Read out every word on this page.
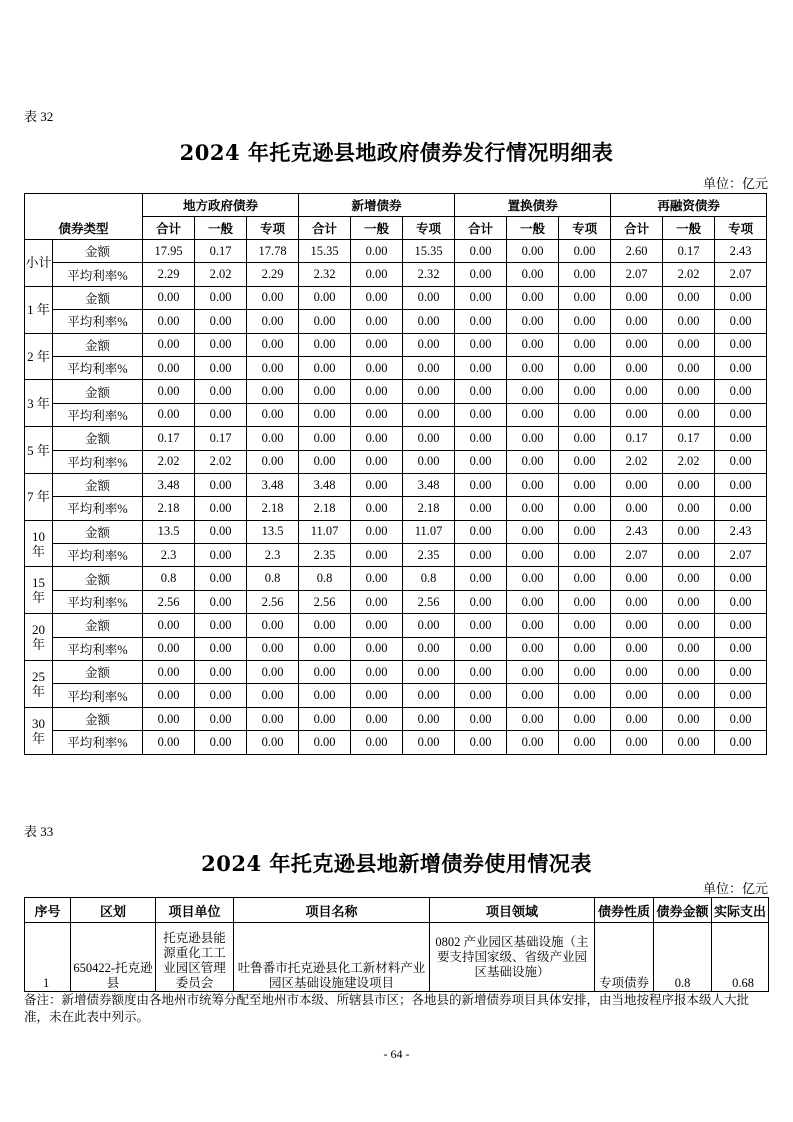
表 32
2024 年托克逊县地政府债券发行情况明细表
单位：亿元
债券类型		地方政府债券			新增债券			置换债券			再融资债券		
		合计	一般	专项	合计	一般	专项	合计	一般	专项	合计	一般	专项
小计	金额	17.95	0.17	17.78	15.35	0.00	15.35	0.00	0.00	0.00	2.60	0.17	2.43
	平均利率%	2.29	2.02	2.29	2.32	0.00	2.32	0.00	0.00	0.00	2.07	2.02	2.07
1 年	金额	0.00	0.00	0.00	0.00	0.00	0.00	0.00	0.00	0.00	0.00	0.00	0.00
	平均利率%	0.00	0.00	0.00	0.00	0.00	0.00	0.00	0.00	0.00	0.00	0.00	0.00
2 年	金额	0.00	0.00	0.00	0.00	0.00	0.00	0.00	0.00	0.00	0.00	0.00	0.00
	平均利率%	0.00	0.00	0.00	0.00	0.00	0.00	0.00	0.00	0.00	0.00	0.00	0.00
3 年	金额	0.00	0.00	0.00	0.00	0.00	0.00	0.00	0.00	0.00	0.00	0.00	0.00
	平均利率%	0.00	0.00	0.00	0.00	0.00	0.00	0.00	0.00	0.00	0.00	0.00	0.00
5 年	金额	0.17	0.17	0.00	0.00	0.00	0.00	0.00	0.00	0.00	0.17	0.17	0.00
	平均利率%	2.02	2.02	0.00	0.00	0.00	0.00	0.00	0.00	0.00	2.02	2.02	0.00
7 年	金额	3.48	0.00	3.48	3.48	0.00	3.48	0.00	0.00	0.00	0.00	0.00	0.00
	平均利率%	2.18	0.00	2.18	2.18	0.00	2.18	0.00	0.00	0.00	0.00	0.00	0.00
10 年	金额	13.5	0.00	13.5	11.07	0.00	11.07	0.00	0.00	0.00	2.43	0.00	2.43
	平均利率%	2.3	0.00	2.3	2.35	0.00	2.35	0.00	0.00	0.00	2.07	0.00	2.07
15 年	金额	0.8	0.00	0.8	0.8	0.00	0.8	0.00	0.00	0.00	0.00	0.00	0.00
	平均利率%	2.56	0.00	2.56	2.56	0.00	2.56	0.00	0.00	0.00	0.00	0.00	0.00
20 年	金额	0.00	0.00	0.00	0.00	0.00	0.00	0.00	0.00	0.00	0.00	0.00	0.00
	平均利率%	0.00	0.00	0.00	0.00	0.00	0.00	0.00	0.00	0.00	0.00	0.00	0.00
25 年	金额	0.00	0.00	0.00	0.00	0.00	0.00	0.00	0.00	0.00	0.00	0.00	0.00
	平均利率%	0.00	0.00	0.00	0.00	0.00	0.00	0.00	0.00	0.00	0.00	0.00	0.00
30 年	金额	0.00	0.00	0.00	0.00	0.00	0.00	0.00	0.00	0.00	0.00	0.00	0.00
	平均利率%	0.00	0.00	0.00	0.00	0.00	0.00	0.00	0.00	0.00	0.00	0.00	0.00
表 33
2024 年托克逊县地新增债券使用情况表
单位：亿元
序号	区划	项目单位	项目名称	项目领域	债券性质	债券金额	实际支出
1	650422-托克逊县	托克逊县能源重化工工业园区管理委员会	吐鲁番市托克逊县化工新材料产业园区基础设施建设项目	0802 产业园区基础设施（主要支持国家级、省级产业园区基础设施）	专项债券	0.8	0.68
备注：新增债券额度由各地州市统筹分配至地州市本级、所辖县市区；各地县的新增债券项目具体安排，由当地按程序报本级人大批准，未在此表中列示。
- 64 -
